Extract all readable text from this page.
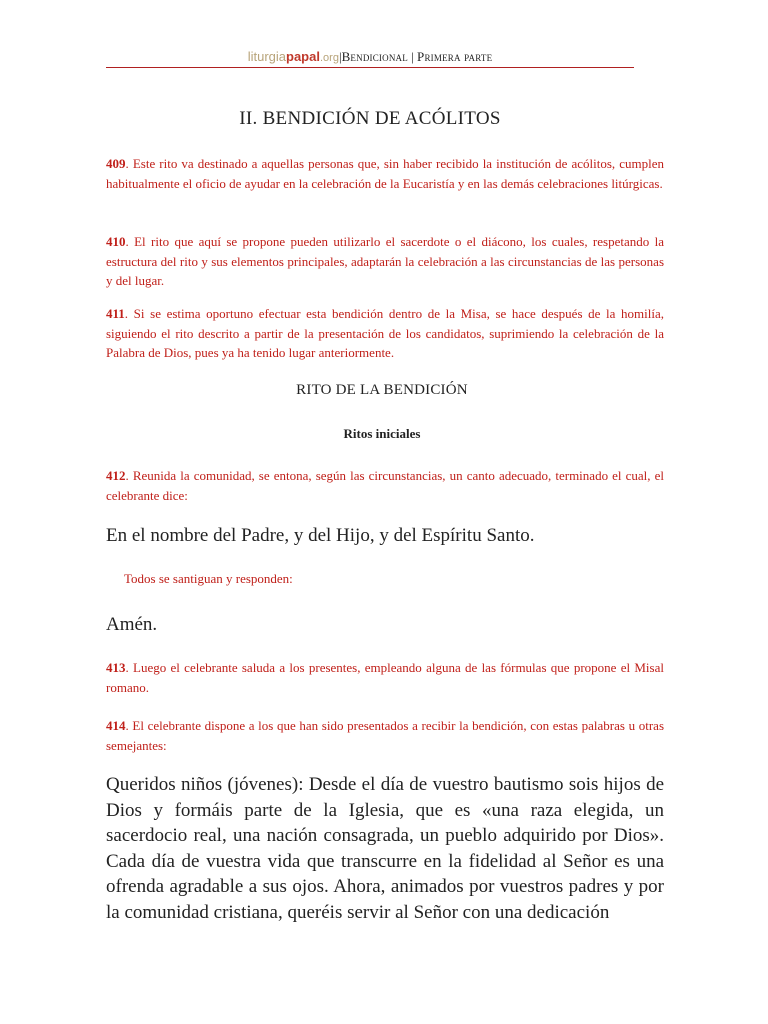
liturgiapapal.org|Bendicional | Primera parte
II. BENDICIÓN DE ACÓLITOS

409. Este rito va destinado a aquellas personas que, sin haber recibido la institución de acólitos, cumplen habitualmente el oficio de ayudar en la celebración de la Eucaristía y en las demás celebraciones litúrgicas.

410. El rito que aquí se propone pueden utilizarlo el sacerdote o el diácono, los cuales, respetando la estructura del rito y sus elementos principales, adaptarán la celebración a las circunstancias de las personas y del lugar.

411. Si se estima oportuno efectuar esta bendición dentro de la Misa, se hace después de la homilía, siguiendo el rito descrito a partir de la presentación de los candidatos, suprimiendo la celebración de la Palabra de Dios, pues ya ha tenido lugar anteriormente.

RITO DE LA BENDICIÓN
Ritos iniciales

412. Reunida la comunidad, se entona, según las circunstancias, un canto adecuado, terminado el cual, el celebrante dice:

En el nombre del Padre, y del Hijo, y del Espíritu Santo.

Todos se santiguan y responden:

Amén.

413. Luego el celebrante saluda a los presentes, empleando alguna de las fórmulas que propone el Misal romano.

414. El celebrante dispone a los que han sido presentados a recibir la bendición, con estas palabras u otras semejantes:

Queridos niños (jóvenes): Desde el día de vuestro bautismo sois hijos de Dios y formáis parte de la Iglesia, que es «una raza elegida, un sacerdocio real, una nación consagrada, un pueblo adquirido por Dios». Cada día de vuestra vida que transcurre en la fidelidad al Señor es una ofrenda agradable a sus ojos. Ahora, animados por vuestros padres y por la comunidad cristiana, queréis servir al Señor con una dedicación
